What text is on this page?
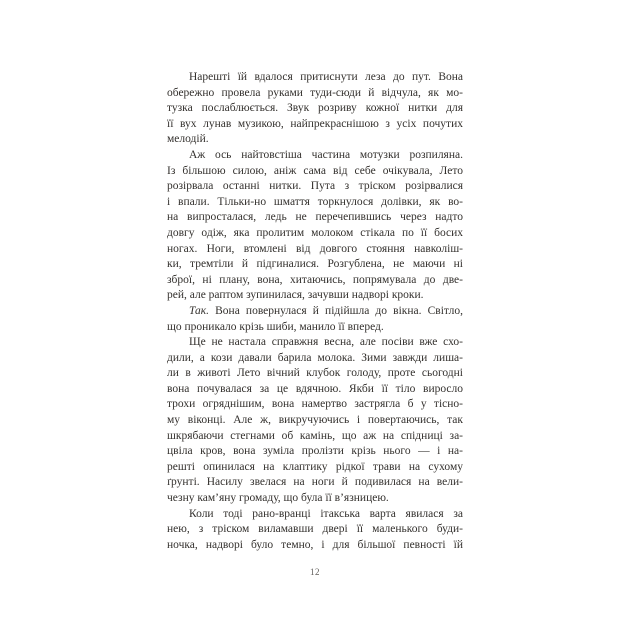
Нарешті їй вдалося притиснути леза до пут. Вона
обережно провела руками туди-сюди й відчула, як мо-
тузка послаблюється. Звук розриву кожної нитки для
її вух лунав музикою, найпрекраснішою з усіх почутих
мелодій.
Аж ось найтовстіша частина мотузки розпиляна.
Із більшою силою, аніж сама від себе очікувала, Лето
розірвала останні нитки. Пута з тріском розірвалися
і впали. Тільки-но шмаття торкнулося долівки, як во-
на випросталася, ледь не перечепившись через надто
довгу одіж, яка пролитим молоком стікала по її босих
ногах. Ноги, втомлені від довгого стояння навколіш-
ки, тремтіли й підгиналися. Розгублена, не маючи ні
зброї, ні плану, вона, хитаючись, попрямувала до две-
рей, але раптом зупинилася, зачувши надворі кроки.
Так. Вона повернулася й підійшла до вікна. Світло,
що проникало крізь шиби, манило її вперед.
Ще не настала справжня весна, але посіви вже схо-
дили, а кози давали барила молока. Зими завжди лиша-
ли в животі Лето вічний клубок голоду, проте сьогодні
вона почувалася за це вдячною. Якби її тіло виросло
трохи огряднішим, вона намертво застрягла б у тісно-
му віконці. Але ж, викручуючись і повертаючись, так
шкрябаючи стегнами об камінь, що аж на спідниці за-
цвіла кров, вона зуміла пролізти крізь нього — і на-
решті опинилася на клаптику рідкої трави на сухому
ґрунті. Насилу звелася на ноги й подивилася на вели-
чезну кам’яну громаду, що була її в’язницею.
Коли тоді рано-вранці ітакська варта явилася за
нею, з тріском виламавши двері її маленького буди-
ночка, надворі було темно, і для більшої певності їй
12
